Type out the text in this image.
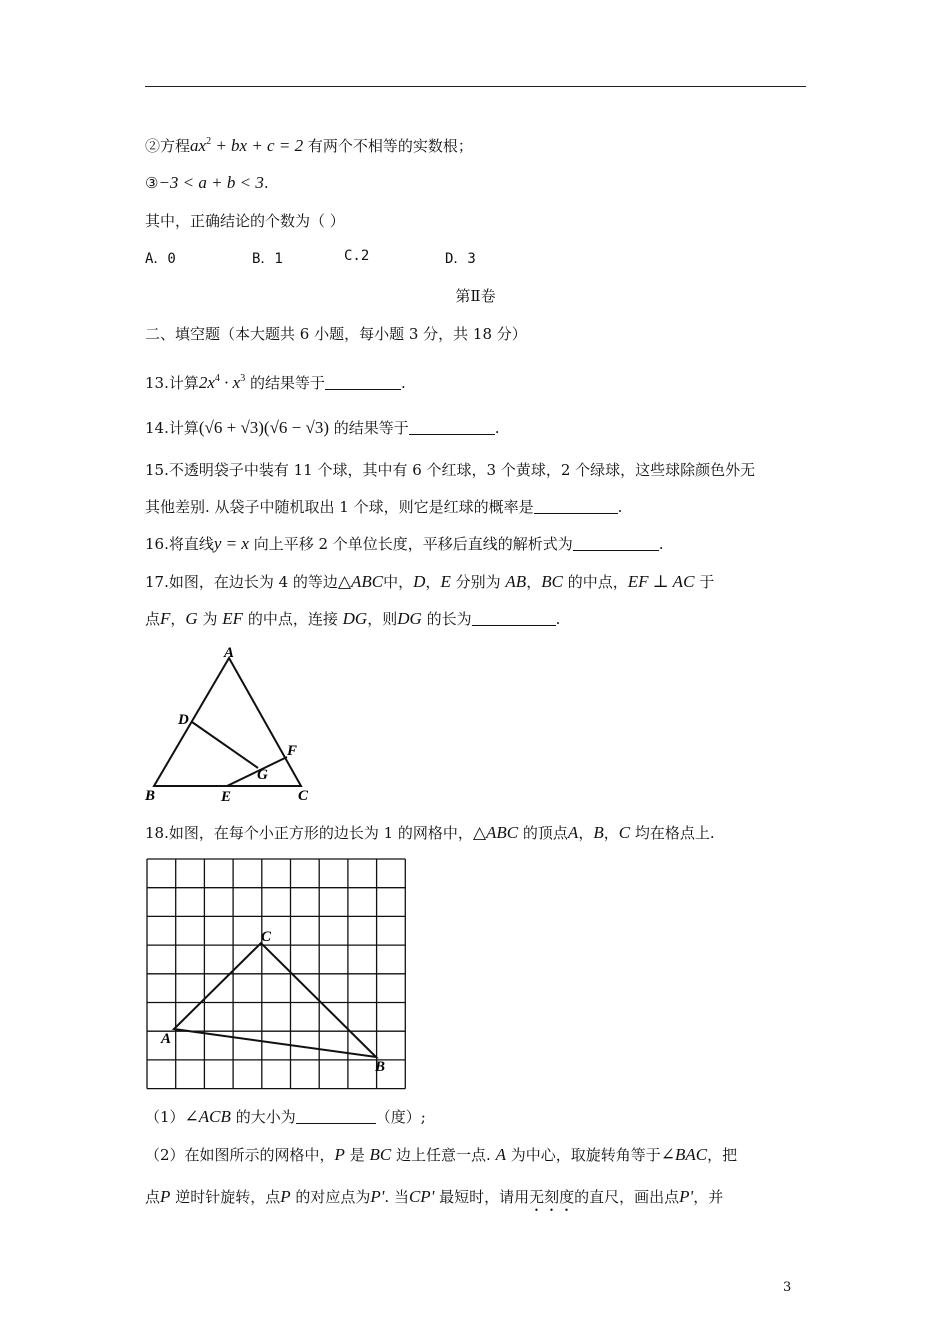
②方程$ax^2$ + bx + c = 2 有两个不相等的实数根；
③−3 < a + b < 3.
其中，正确结论的个数为（ ）
A．0	B．1	C.2	D．3
第Ⅱ卷
二、填空题（本大题共 6 小题，每小题 3 分，共 18 分）
13.计算$2x^4 \cdot x^3$ 的结果等于	.
14.计算(√6 + √3)(√6 − √3) 的结果等于	.
15.不透明袋子中装有 11 个球，其中有 6 个红球，3 个黄球，2 个绿球，这些球除颜色外无
其他差别. 从袋子中随机取出 1 个球，则它是红球的概率是	.
16.将直线y = x 向上平移 2 个单位长度，平移后直线的解析式为	.
17.如图，在边长为 4 的等边△ABC中，D，E 分别为 AB，BC 的中点，EF ⊥ AC 于
点F，G 为 EF 的中点，连接 DG，则DG 的长为	.
A
D
F
G
B	E	C
18.如图，在每个小正方形的边长为 1 的网格中，△ABC 的顶点A，B，C 均在格点上.
A
B
C
（1）∠ACB 的大小为	（度）;
（2）在如图所示的网格中，P 是 BC 边上任意一点. A 为中心，取旋转角等于∠BAC，把
点P 逆时针旋转，点P 的对应点为P'. 当CP' 最短时，请用无刻度的直尺，画出点P'，并
3
